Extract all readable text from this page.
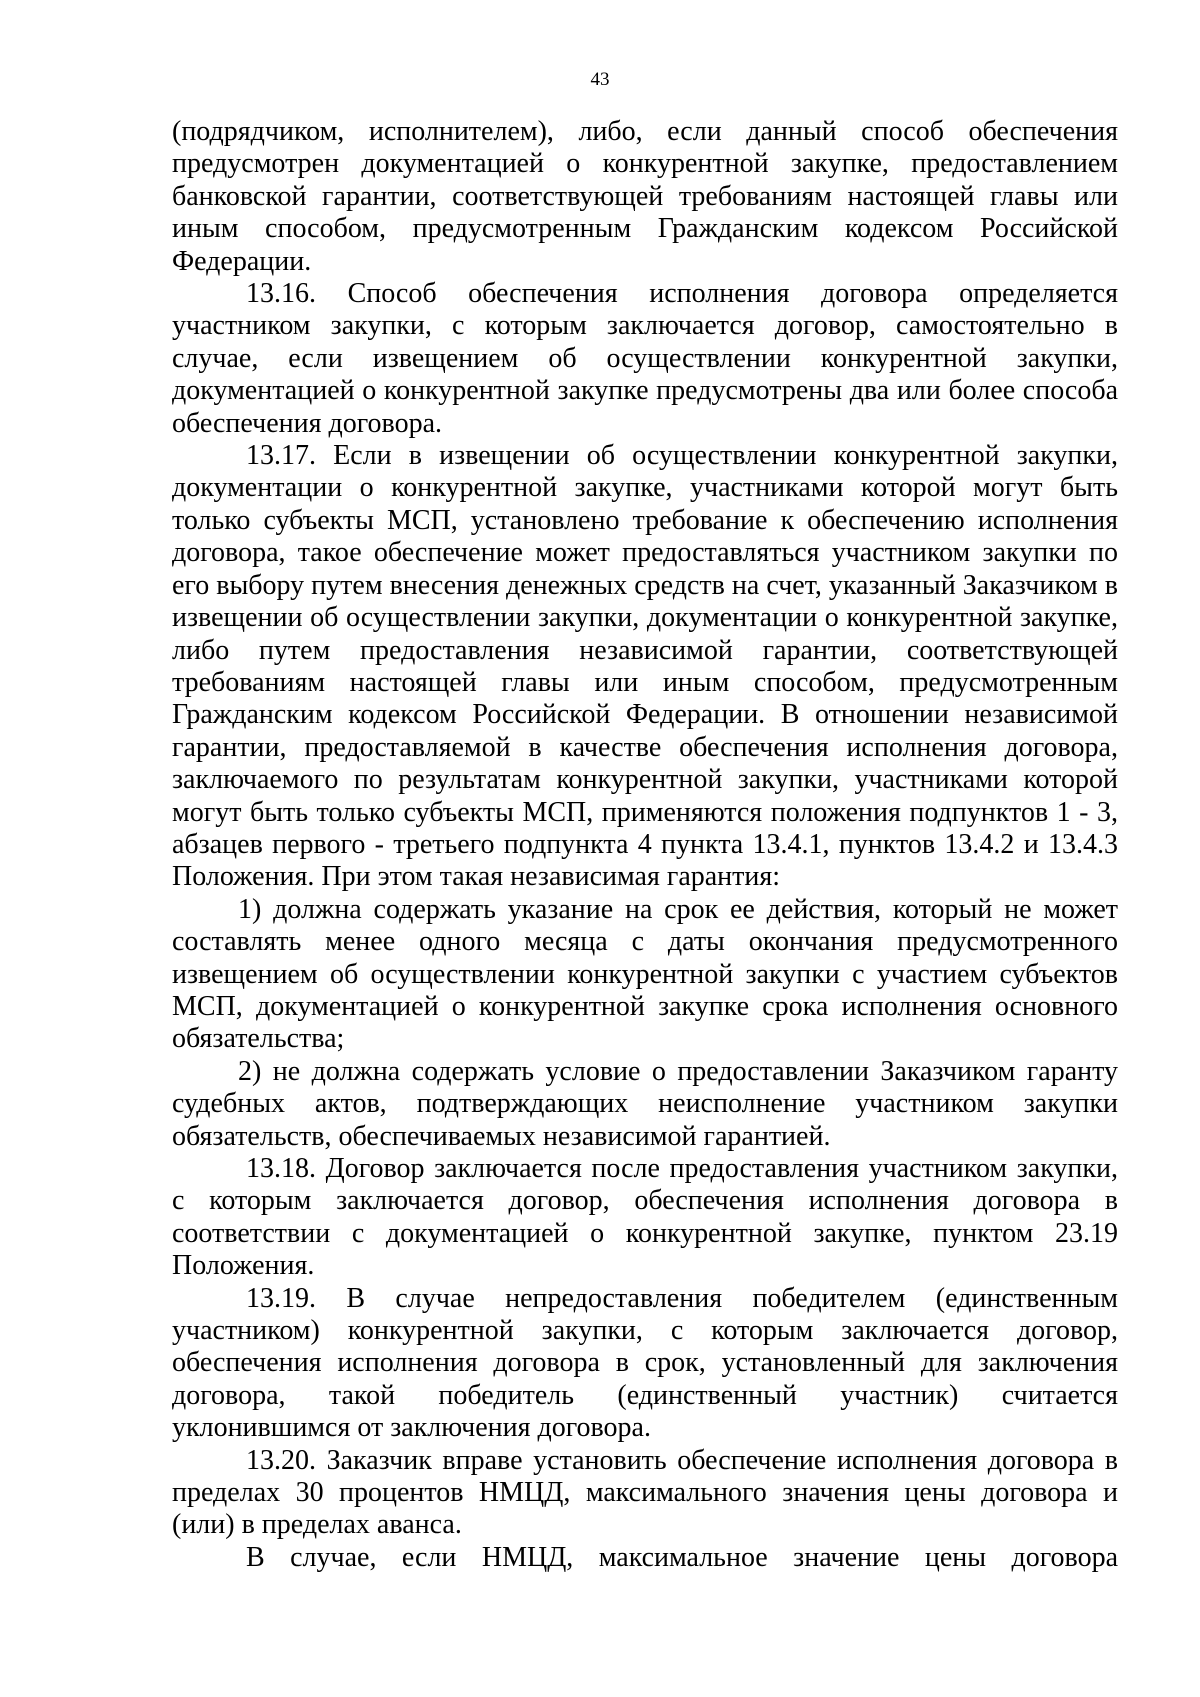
43

(подрядчиком, исполнителем), либо, если данный способ обеспечения предусмотрен документацией о конкурентной закупке, предоставлением банковской гарантии, соответствующей требованиям настоящей главы или иным способом, предусмотренным Гражданским кодексом Российской Федерации.

13.16. Способ обеспечения исполнения договора определяется участником закупки, с которым заключается договор, самостоятельно в случае, если извещением об осуществлении конкурентной закупки, документацией о конкурентной закупке предусмотрены два или более способа обеспечения договора.

13.17. Если в извещении об осуществлении конкурентной закупки, документации о конкурентной закупке, участниками которой могут быть только субъекты МСП, установлено требование к обеспечению исполнения договора, такое обеспечение может предоставляться участником закупки по его выбору путем внесения денежных средств на счет, указанный Заказчиком в извещении об осуществлении закупки, документации о конкурентной закупке, либо путем предоставления независимой гарантии, соответствующей требованиям настоящей главы или иным способом, предусмотренным Гражданским кодексом Российской Федерации. В отношении независимой гарантии, предоставляемой в качестве обеспечения исполнения договора, заключаемого по результатам конкурентной закупки, участниками которой могут быть только субъекты МСП, применяются положения подпунктов 1 - 3, абзацев первого - третьего подпункта 4 пункта 13.4.1, пунктов 13.4.2 и 13.4.3 Положения. При этом такая независимая гарантия:

1) должна содержать указание на срок ее действия, который не может составлять менее одного месяца с даты окончания предусмотренного извещением об осуществлении конкурентной закупки с участием субъектов МСП, документацией о конкурентной закупке срока исполнения основного обязательства;

2) не должна содержать условие о предоставлении Заказчиком гаранту судебных актов, подтверждающих неисполнение участником закупки обязательств, обеспечиваемых независимой гарантией.

13.18. Договор заключается после предоставления участником закупки, с которым заключается договор, обеспечения исполнения договора в соответствии с документацией о конкурентной закупке, пунктом 23.19 Положения.

13.19. В случае непредоставления победителем (единственным участником) конкурентной закупки, с которым заключается договор, обеспечения исполнения договора в срок, установленный для заключения договора, такой победитель (единственный участник) считается уклонившимся от заключения договора.

13.20. Заказчик вправе установить обеспечение исполнения договора в пределах 30 процентов НМЦД, максимального значения цены договора и (или) в пределах аванса.

В случае, если НМЦД, максимальное значение цены договора
